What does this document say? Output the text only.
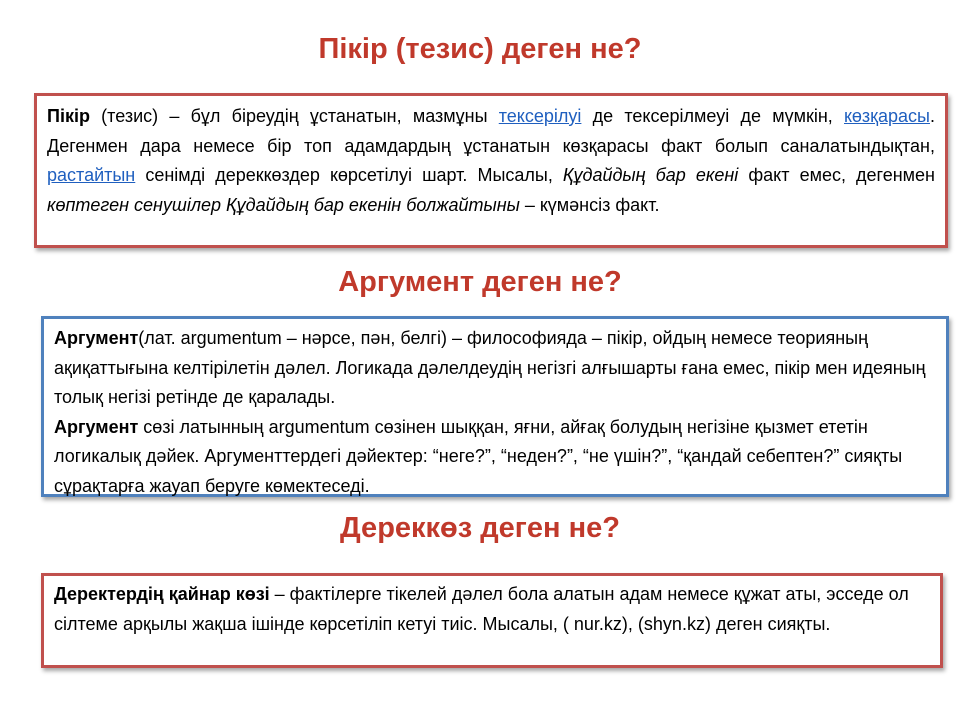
Пікір (тезис) деген не?
Пікір (тезис) – бұл біреудің ұстанатын, мазмұны тексерілуі де тексерілмеуі де мүмкін, көзқарасы. Дегенмен дара немесе бір топ адамдардың ұстанатын көзқарасы факт болып саналатындықтан, растайтын сенімді дереккөздер көрсетілуі шарт. Мысалы, Құдайдың бар екені факт емес, дегенмен көптеген сенушілер Құдайдың бар екенін болжайтыны – күмәнсіз факт.
Аргумент деген не?

Аргумент(лат. argumentum – нәрсе, пән, белгі) – философияда – пікір, ойдың немесе теорияның ақиқаттығына келтірілетін дәлел. Логикада дәлелдеудің негізгі алғышарты ғана емес, пікір мен идеяның толық негізі ретінде де қаралады.

Аргумент сөзі латынның argumentum сөзінен шыққан, яғни, айғақ болудың негізіне қызмет ететін логикалық дәйек. Аргументтердегі дәйектер: “неге?”, “неден?”, “не үшін?”, “қандай себептен?” сияқты сұрақтарға жауап беруге көмектеседі.

Дереккөз деген не?
Деректердің қайнар көзі – фактілерге тікелей дәлел бола алатын адам немесе құжат аты, эсседе ол сілтеме арқылы жақша ішінде көрсетіліп кетуі тиіс. Мысалы, ( nur.kz), (shyn.kz) деген сияқты.
